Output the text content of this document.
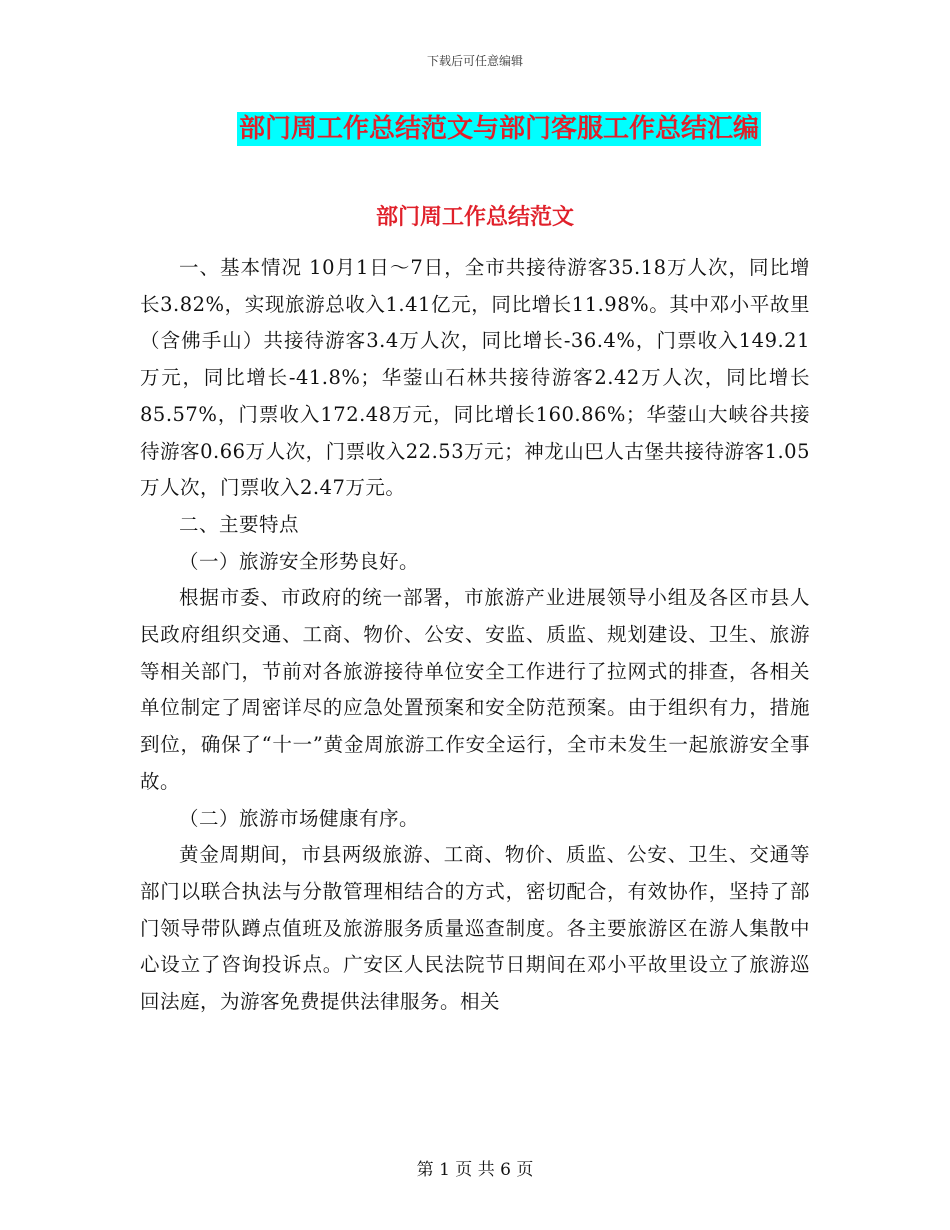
下载后可任意编辑
部门周工作总结范文与部门客服工作总结汇编
部门周工作总结范文

一、基本情况 10月1日～7日，全市共接待游客35.18万人次，同比增长3.82%，实现旅游总收入1.41亿元，同比增长11.98%。其中邓小平故里（含佛手山）共接待游客3.4万人次，同比增长-36.4%，门票收入149.21万元，同比增长-41.8%；华蓥山石林共接待游客2.42万人次，同比增长85.57%，门票收入172.48万元，同比增长160.86%；华蓥山大峡谷共接待游客0.66万人次，门票收入22.53万元；神龙山巴人古堡共接待游客1.05万人次，门票收入2.47万元。

二、主要特点

（一）旅游安全形势良好。

根据市委、市政府的统一部署，市旅游产业进展领导小组及各区市县人民政府组织交通、工商、物价、公安、安监、质监、规划建设、卫生、旅游等相关部门，节前对各旅游接待单位安全工作进行了拉网式的排查，各相关单位制定了周密详尽的应急处置预案和安全防范预案。由于组织有力，措施到位，确保了“十一”黄金周旅游工作安全运行，全市未发生一起旅游安全事故。

（二）旅游市场健康有序。

黄金周期间，市县两级旅游、工商、物价、质监、公安、卫生、交通等部门以联合执法与分散管理相结合的方式，密切配合，有效协作，坚持了部门领导带队蹲点值班及旅游服务质量巡查制度。各主要旅游区在游人集散中心设立了咨询投诉点。广安区人民法院节日期间在邓小平故里设立了旅游巡回法庭，为游客免费提供法律服务。相关

第 1 页 共 6 页
